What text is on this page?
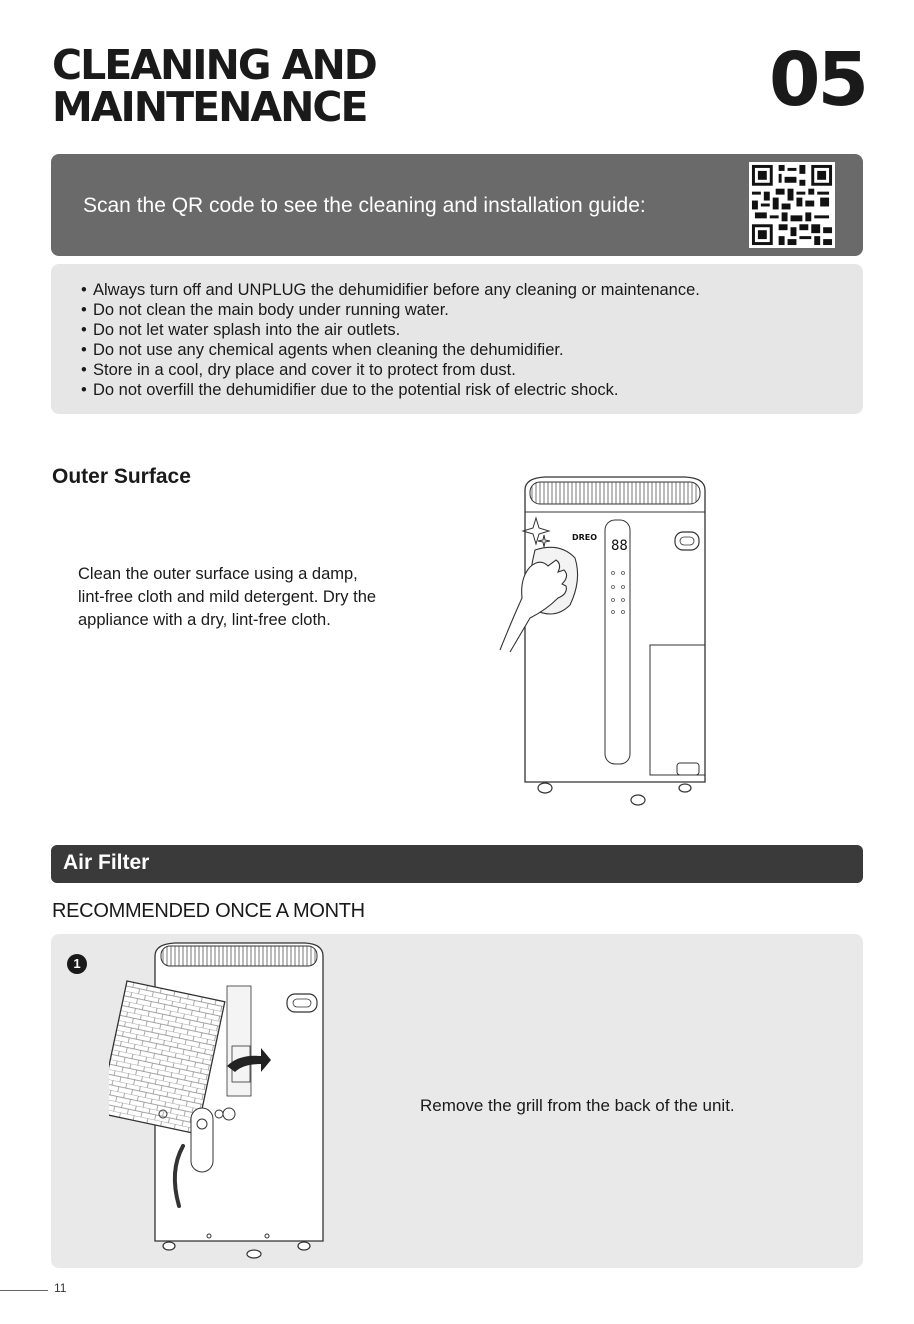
CLEANING AND
MAINTENANCE	05
Scan the QR code to see the cleaning and installation guide:
• Always turn off and UNPLUG the dehumidifier before any cleaning or maintenance.
• Do not clean the main body under running water.
• Do not let water splash into the air outlets.
• Do not use any chemical agents when cleaning the dehumidifier.
• Store in a cool, dry place and cover it to protect from dust.
• Do not overfill the dehumidifier due to the potential risk of electric shock.
Outer Surface
Clean the outer surface using a damp,
lint-free cloth and mild detergent. Dry the
appliance with a dry, lint-free cloth.
DREO
88
Air Filter
RECOMMENDED ONCE A MONTH
1
Remove the grill from the back of the unit.
11
